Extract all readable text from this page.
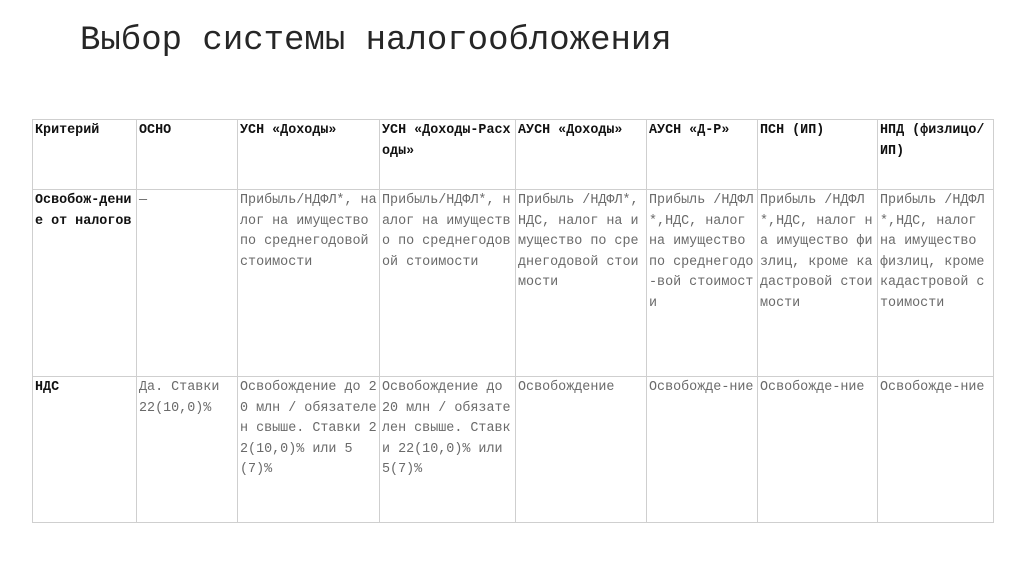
Выбор системы налогообложения
Критерий	ОСНО	УСН «Доходы»	УСН «Доходы-Расходы»	АУСН «Доходы»	АУСН «Д-Р»	ПСН (ИП)	НПД (физлицо/ ИП)
Освобож-дение от налогов	—	Прибыль/НДФЛ*, налог на имущество по среднегодовой стоимости	Прибыль/НДФЛ*, налог на имущество по среднегодовой стоимости	Прибыль /НДФЛ*,НДС, налог на имущество по среднегодовой стоимости	Прибыль /НДФЛ*,НДС, налог на имущество по среднегодо -вой стоимости	Прибыль /НДФЛ*,НДС, налог на имущество физлиц, кроме кадастровой стоимости	Прибыль /НДФЛ*,НДС, налог на имущество физлиц, кроме кадастровой стоимости
НДС	Да. Ставки 22(10,0)%	Освобождение до 20 млн / обязателен свыше. Ставки 22(10,0)% или 5 (7)%	Освобождение до 20 млн / обязателен свыше. Ставки 22(10,0)% или 5(7)%	Освобождение	Освобожде-ние	Освобожде-ние	Освобожде-ние
